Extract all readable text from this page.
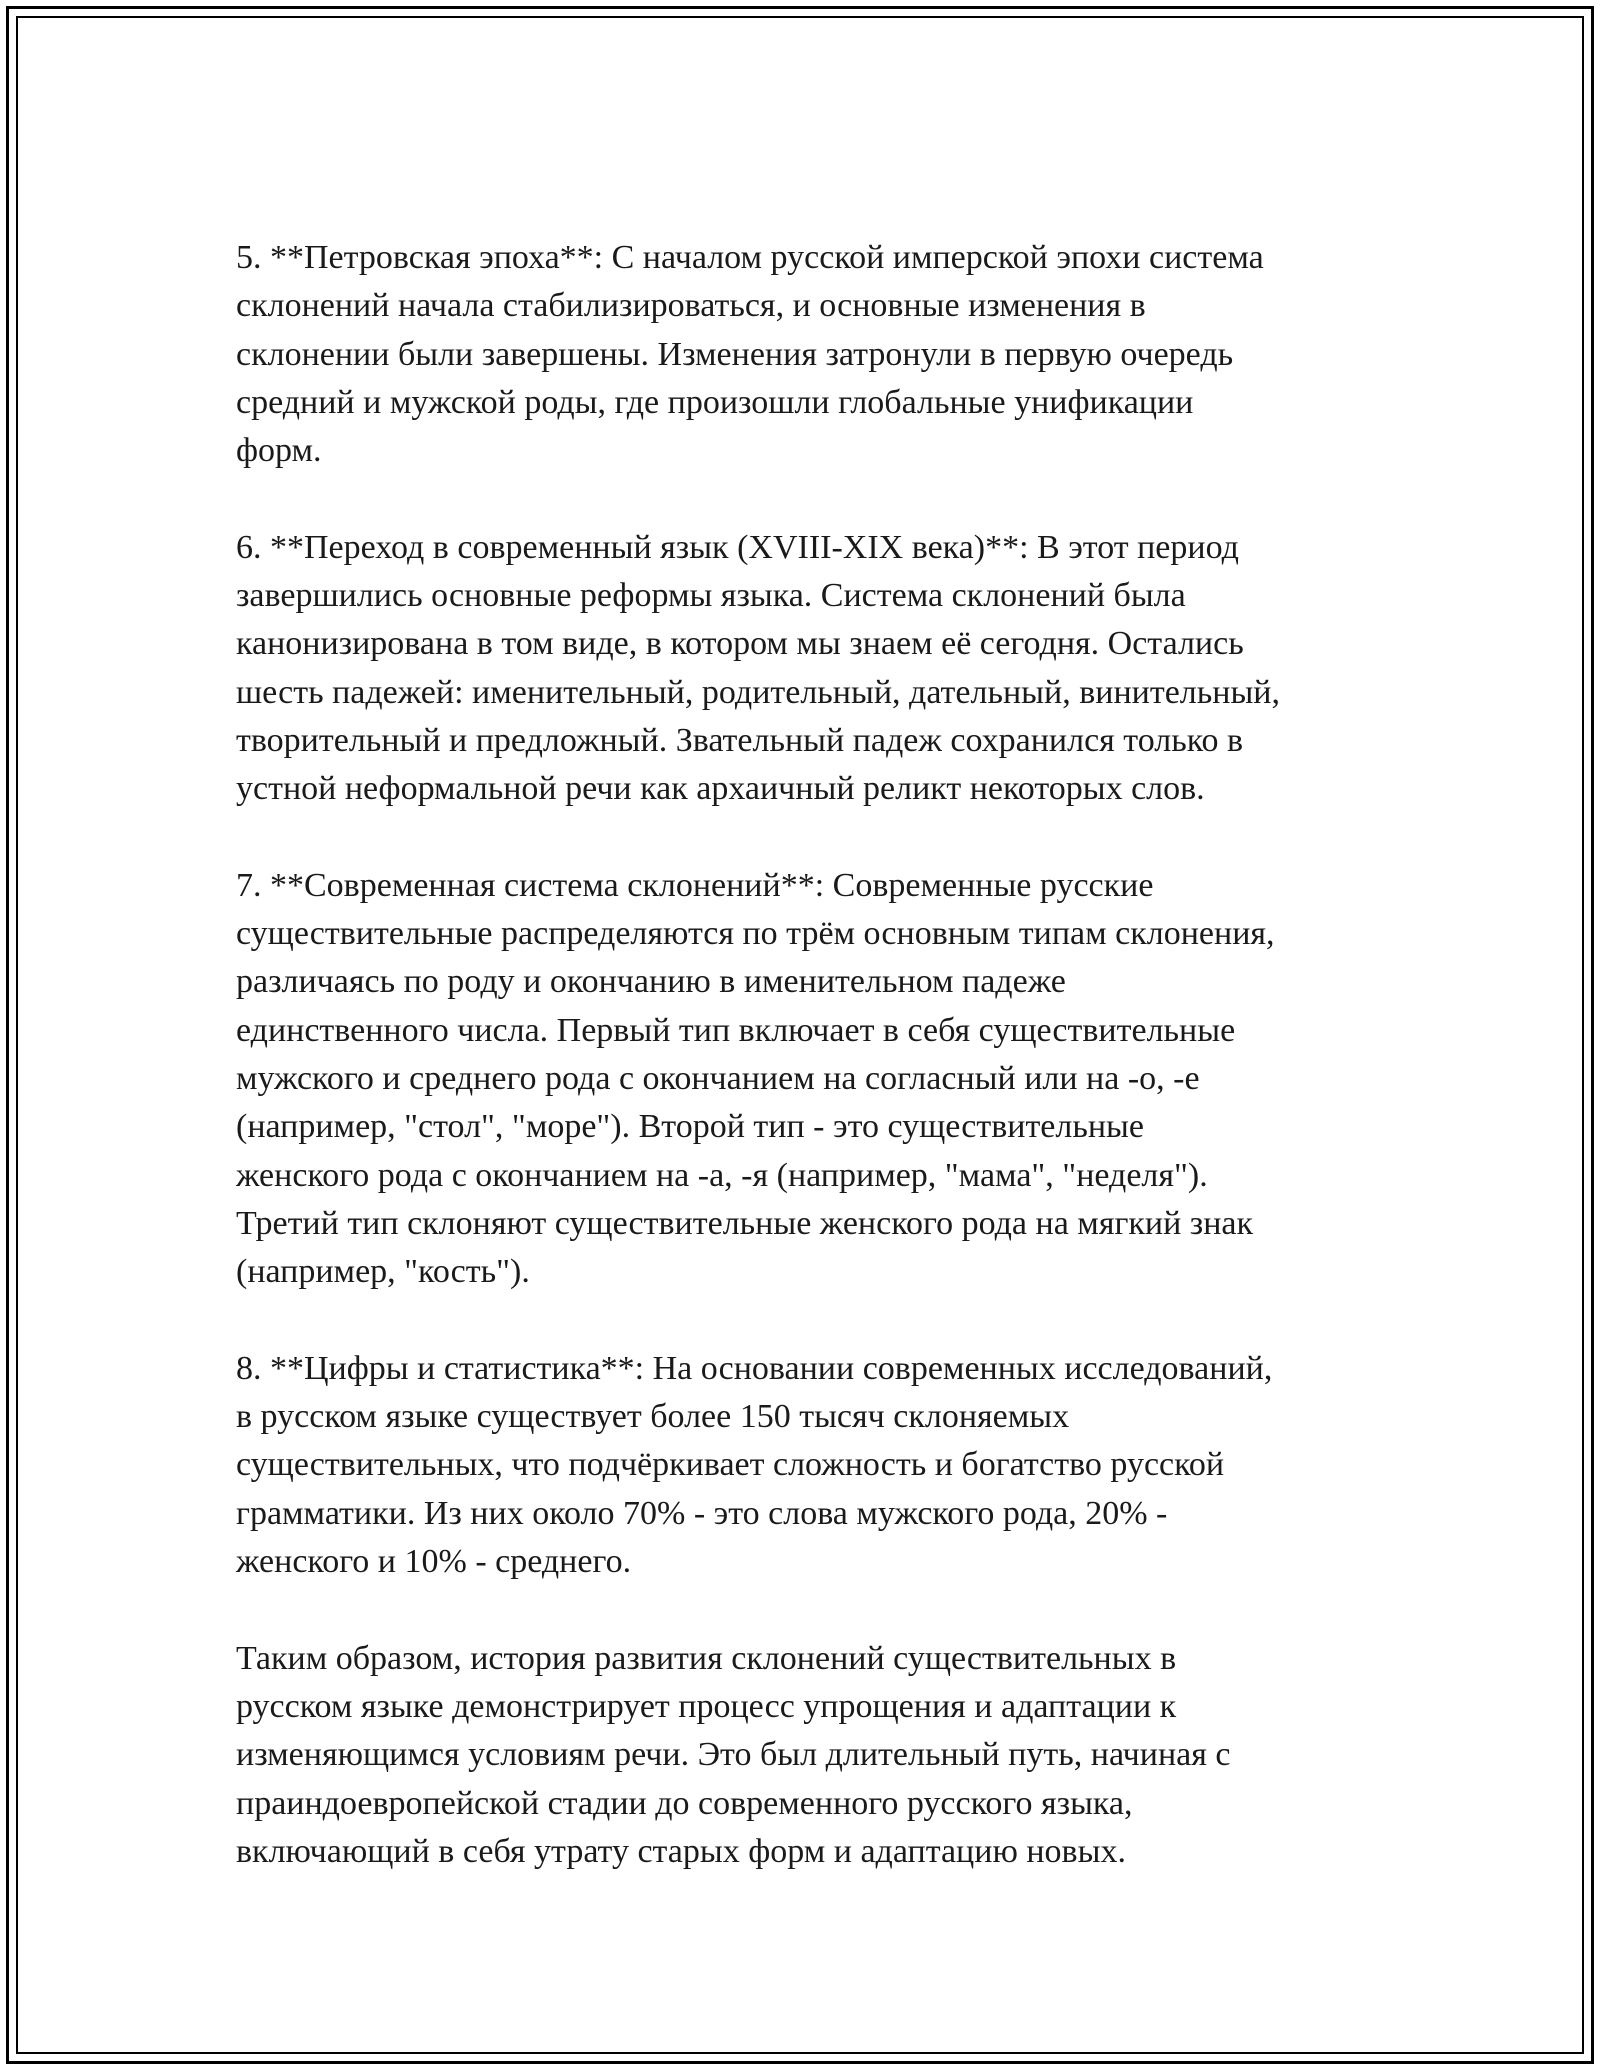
5. **Петровская эпоха**: С началом русской имперской эпохи система
склонений начала стабилизироваться, и основные изменения в
склонении были завершены. Изменения затронули в первую очередь
средний и мужской роды, где произошли глобальные унификации
форм.

6. **Переход в современный язык (XVIII-XIX века)**: В этот период
завершились основные реформы языка. Система склонений была
канонизирована в том виде, в котором мы знаем её сегодня. Остались
шесть падежей: именительный, родительный, дательный, винительный,
творительный и предложный. Звательный падеж сохранился только в
устной неформальной речи как архаичный реликт некоторых слов.

7. **Современная система склонений**: Современные русские
существительные распределяются по трём основным типам склонения,
различаясь по роду и окончанию в именительном падеже
единственного числа. Первый тип включает в себя существительные
мужского и среднего рода с окончанием на согласный или на -о, -е
(например, "стол", "море"). Второй тип - это существительные
женского рода с окончанием на -а, -я (например, "мама", "неделя").
Третий тип склоняют существительные женского рода на мягкий знак
(например, "кость").

8. **Цифры и статистика**: На основании современных исследований,
в русском языке существует более 150 тысяч склоняемых
существительных, что подчёркивает сложность и богатство русской
грамматики. Из них около 70% - это слова мужского рода, 20% -
женского и 10% - среднего.

Таким образом, история развития склонений существительных в
русском языке демонстрирует процесс упрощения и адаптации к
изменяющимся условиям речи. Это был длительный путь, начиная с
праиндоевропейской стадии до современного русского языка,
включающий в себя утрату старых форм и адаптацию новых.
